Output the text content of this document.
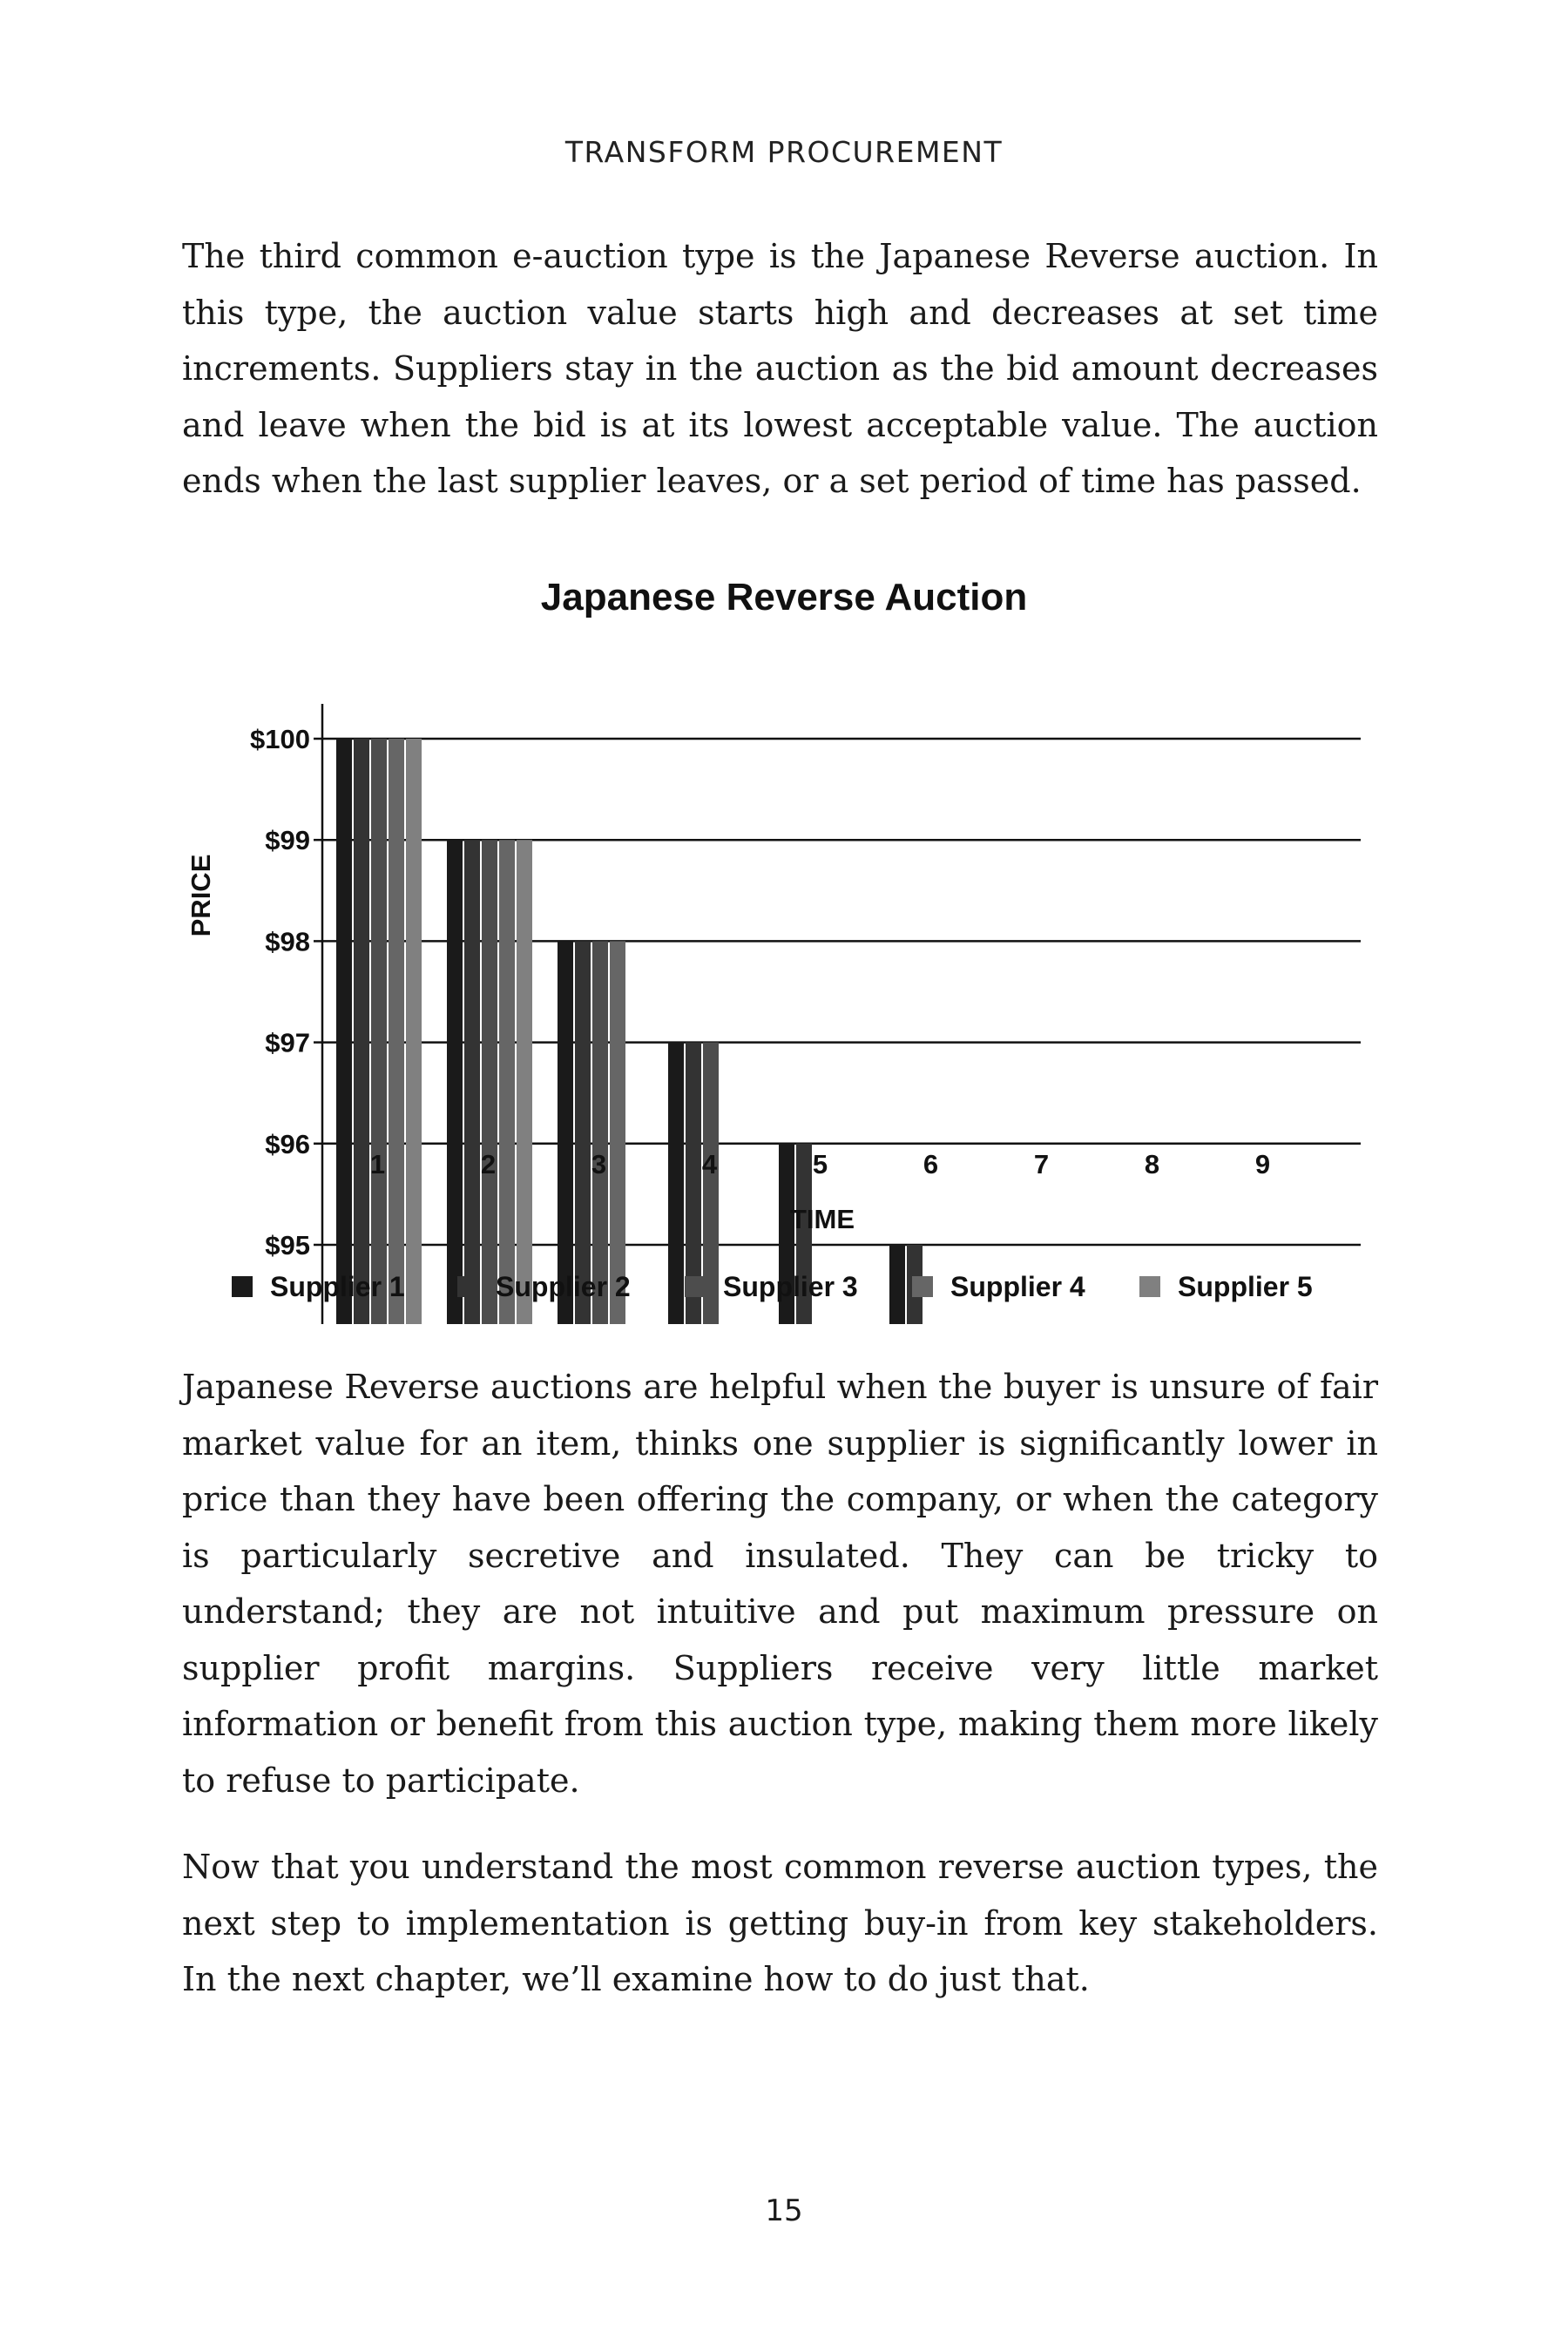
TRANSFORM PROCUREMENT
The third common e-auction type is the Japanese Reverse auction. In this type, the auction value starts high and decreases at set time increments. Suppliers stay in the auction as the bid amount decreases and leave when the bid is at its lowest acceptable value. The auction ends when the last supplier leaves, or a set period of time has passed.
Japanese Reverse Auction
$95
$96
$97
$98
$99
$100
1	2	3	4	5	6	7	8	9
TIME
PRICE
Supplier 1	Supplier 2	Supplier 3	Supplier 4	Supplier 5
Japanese Reverse auctions are helpful when the buyer is unsure of fair market value for an item, thinks one supplier is significantly lower in price than they have been offering the company, or when the category is particularly secretive and insulated. They can be tricky to understand; they are not intuitive and put maximum pressure on supplier profit margins. Suppliers receive very little market information or benefit from this auction type, making them more likely to refuse to participate.
Now that you understand the most common reverse auction types, the next step to implementation is getting buy-in from key stakeholders. In the next chapter, we’ll examine how to do just that.
15
